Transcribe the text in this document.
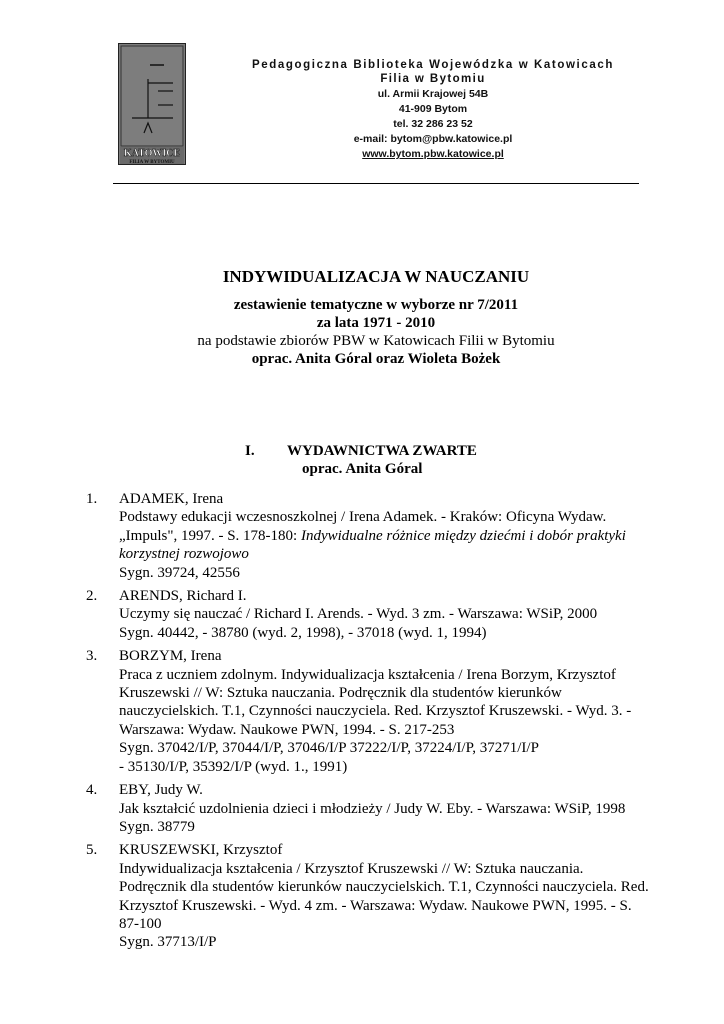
KATOWICE
FILIA W BYTOMIU
Pedagogiczna Biblioteka Wojewódzka w Katowicach
Filia w Bytomiu
ul. Armii Krajowej 54B
41-909 Bytom
tel. 32 286 23 52
e-mail: bytom@pbw.katowice.pl
www.bytom.pbw.katowice.pl
INDYWIDUALIZACJA W NAUCZANIU
zestawienie tematyczne w wyborze nr 7/2011
za lata 1971 - 2010
na podstawie zbiorów PBW w Katowicach Filii w Bytomiu
oprac. Anita Góral oraz Wioleta Bożek
I. WYDAWNICTWA ZWARTE
oprac. Anita Góral
1.	ADAMEK, Irena
Podstawy edukacji wczesnoszkolnej / Irena Adamek. - Kraków: Oficyna Wydaw.
„Impuls", 1997. - S. 178-180: Indywidualne różnice między dziećmi i dobór praktyki
korzystnej rozwojowo
Sygn. 39724, 42556
2.	ARENDS, Richard I.
Uczymy się nauczać / Richard I. Arends. - Wyd. 3 zm. - Warszawa: WSiP, 2000
Sygn. 40442, - 38780 (wyd. 2, 1998), - 37018 (wyd. 1, 1994)
3.	BORZYM, Irena
Praca z uczniem zdolnym. Indywidualizacja kształcenia / Irena Borzym, Krzysztof
Kruszewski // W: Sztuka nauczania. Podręcznik dla studentów kierunków
nauczycielskich. T.1, Czynności nauczyciela. Red. Krzysztof Kruszewski. - Wyd. 3. -
Warszawa: Wydaw. Naukowe PWN, 1994. - S. 217-253
Sygn. 37042/I/P, 37044/I/P, 37046/I/P 37222/I/P, 37224/I/P, 37271/I/P
- 35130/I/P, 35392/I/P (wyd. 1., 1991)
4.	EBY, Judy W.
Jak kształcić uzdolnienia dzieci i młodzieży / Judy W. Eby. - Warszawa: WSiP, 1998
Sygn. 38779
5.	KRUSZEWSKI, Krzysztof
Indywidualizacja kształcenia / Krzysztof Kruszewski // W: Sztuka nauczania.
Podręcznik dla studentów kierunków nauczycielskich. T.1, Czynności nauczyciela. Red.
Krzysztof Kruszewski. - Wyd. 4 zm. - Warszawa: Wydaw. Naukowe PWN, 1995. - S.
87-100
Sygn. 37713/I/P
